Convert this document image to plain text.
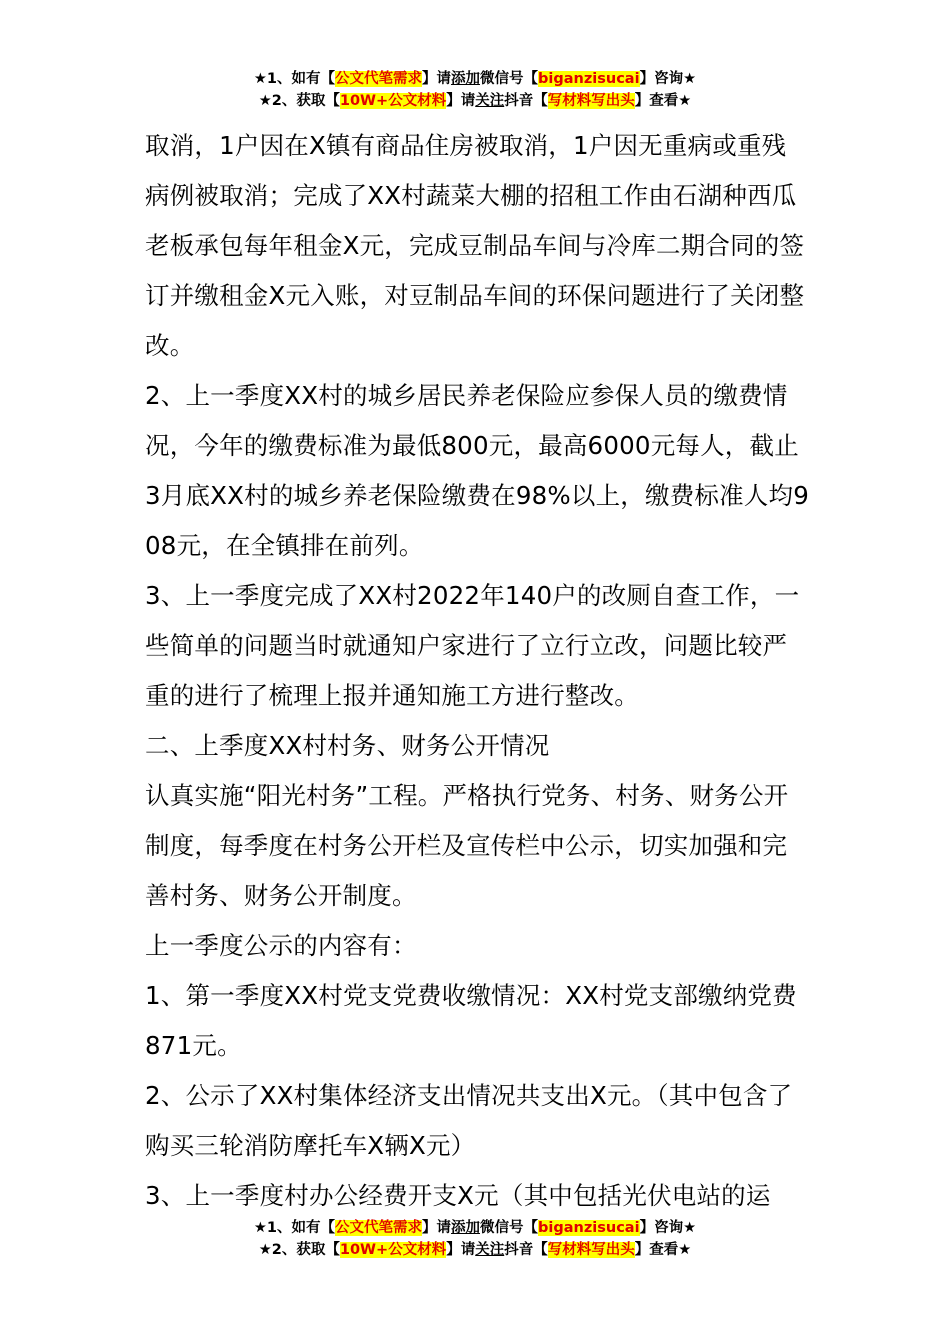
★1、如有【公文代笔需求】请添加微信号【biganzisucai】咨询★
★2、获取【10W+公文材料】请关注抖音【写材料写出头】查看★

取消，1户因在X镇有商品住房被取消，1户因无重病或重残病例被取消；完成了XX村蔬菜大棚的招租工作由石湖种西瓜老板承包每年租金X元，完成豆制品车间与冷库二期合同的签订并缴租金X元入账，对豆制品车间的环保问题进行了关闭整改。

2、上一季度XX村的城乡居民养老保险应参保人员的缴费情况，今年的缴费标准为最低800元，最高6000元每人，截止3月底XX村的城乡养老保险缴费在98%以上，缴费标准人均908元，在全镇排在前列。

3、上一季度完成了XX村2022年140户的改厕自查工作，一些简单的问题当时就通知户家进行了立行立改，问题比较严重的进行了梳理上报并通知施工方进行整改。

二、上季度XX村村务、财务公开情况

认真实施“阳光村务”工程。严格执行党务、村务、财务公开制度，每季度在村务公开栏及宣传栏中公示，切实加强和完善村务、财务公开制度。

上一季度公示的内容有：

1、第一季度XX村党支党费收缴情况：XX村党支部缴纳党费871元。

2、公示了XX村集体经济支出情况共支出X元。（其中包含了购买三轮消防摩托车X辆X元）

3、上一季度村办公经费开支X元（其中包括光伏电站的运

★1、如有【公文代笔需求】请添加微信号【biganzisucai】咨询★
★2、获取【10W+公文材料】请关注抖音【写材料写出头】查看★
